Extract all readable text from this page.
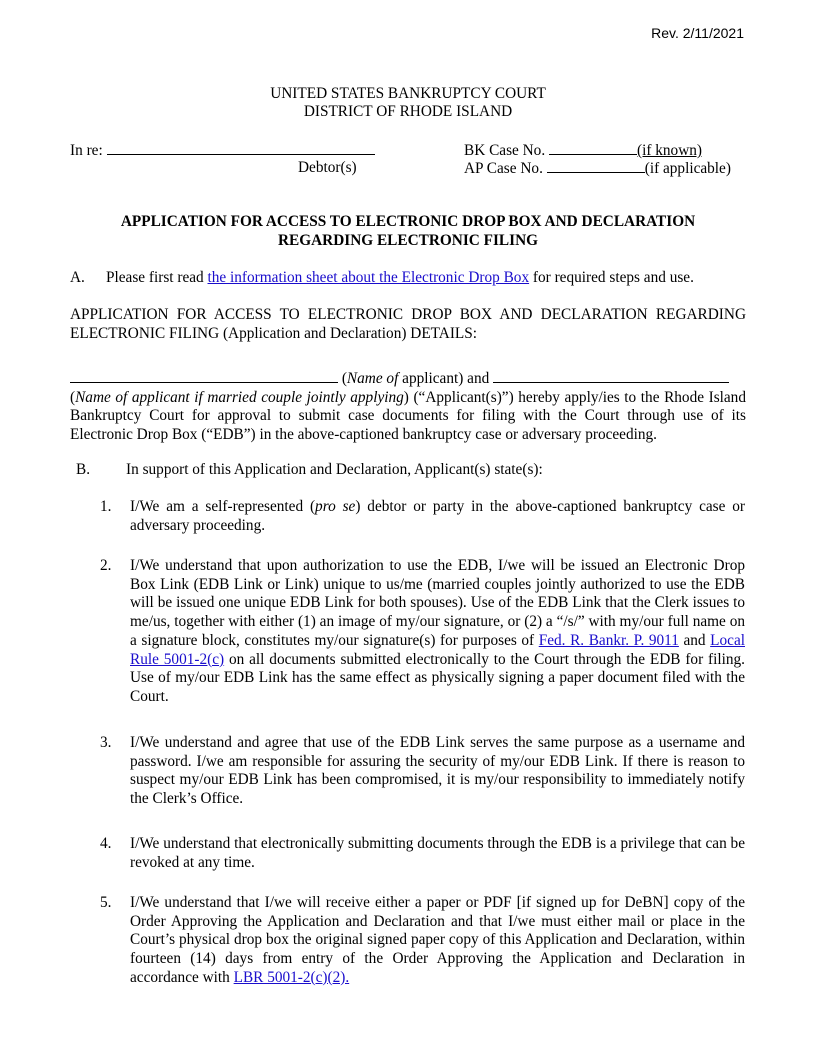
Rev. 2/11/2021
UNITED STATES BANKRUPTCY COURT
DISTRICT OF RHODE ISLAND
In re:
Debtor(s)
BK Case No.	(if known)
AP Case No.	(if applicable)
APPLICATION FOR ACCESS TO ELECTRONIC DROP BOX AND DECLARATION
REGARDING ELECTRONIC FILING
A. Please first read the information sheet about the Electronic Drop Box for required steps and use.
APPLICATION FOR ACCESS TO ELECTRONIC DROP BOX AND DECLARATION REGARDING ELECTRONIC FILING (Application and Declaration) DETAILS:
(Name of applicant) and
(Name of applicant if married couple jointly applying) (“Applicant(s)”) hereby apply/ies to the Rhode Island Bankruptcy Court for approval to submit case documents for filing with the Court through use of its Electronic Drop Box (“EDB”) in the above-captioned bankruptcy case or adversary proceeding.
B. In support of this Application and Declaration, Applicant(s) state(s):
1. I/We am a self-represented (pro se) debtor or party in the above-captioned bankruptcy case or adversary proceeding.
2. I/We understand that upon authorization to use the EDB, I/we will be issued an Electronic Drop Box Link (EDB Link or Link) unique to us/me (married couples jointly authorized to use the EDB will be issued one unique EDB Link for both spouses). Use of the EDB Link that the Clerk issues to me/us, together with either (1) an image of my/our signature, or (2) a “/s/” with my/our full name on a signature block, constitutes my/our signature(s) for purposes of Fed. R. Bankr. P. 9011 and Local Rule 5001-2(c) on all documents submitted electronically to the Court through the EDB for filing. Use of my/our EDB Link has the same effect as physically signing a paper document filed with the Court.
3. I/We understand and agree that use of the EDB Link serves the same purpose as a username and password. I/we am responsible for assuring the security of my/our EDB Link. If there is reason to suspect my/our EDB Link has been compromised, it is my/our responsibility to immediately notify the Clerk’s Office.
4. I/We understand that electronically submitting documents through the EDB is a privilege that can be revoked at any time.
5. I/We understand that I/we will receive either a paper or PDF [if signed up for DeBN] copy of the Order Approving the Application and Declaration and that I/we must either mail or place in the Court’s physical drop box the original signed paper copy of this Application and Declaration, within fourteen (14) days from entry of the Order Approving the Application and Declaration in accordance with LBR 5001-2(c)(2).
